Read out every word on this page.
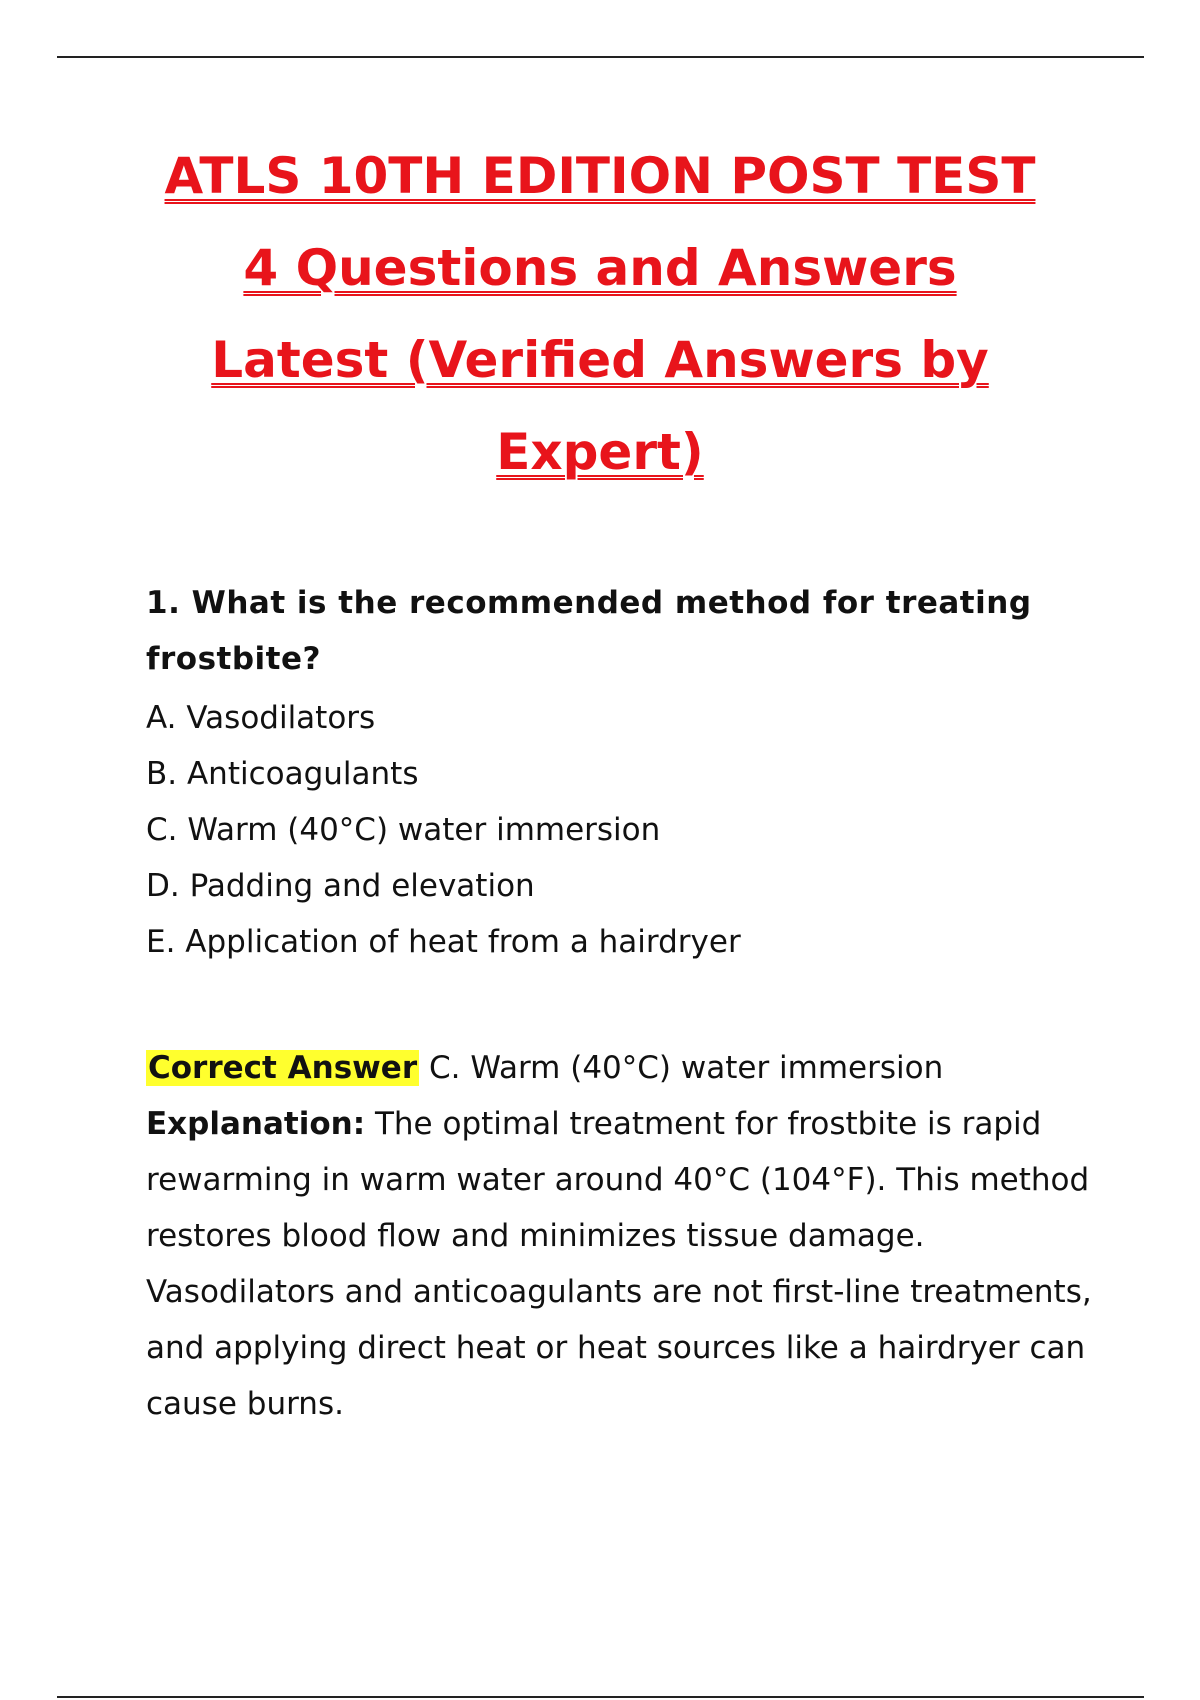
ATLS 10TH EDITION POST TEST
4 Questions and Answers
Latest (Verified Answers by
Expert)
1. What is the recommended method for treating frostbite?
A. Vasodilators
B. Anticoagulants
C. Warm (40°C) water immersion
D. Padding and elevation
E. Application of heat from a hairdryer
Correct Answer C. Warm (40°C) water immersion
Explanation: The optimal treatment for frostbite is rapid rewarming in warm water around 40°C (104°F). This method restores blood flow and minimizes tissue damage. Vasodilators and anticoagulants are not first-line treatments, and applying direct heat or heat sources like a hairdryer can cause burns.
